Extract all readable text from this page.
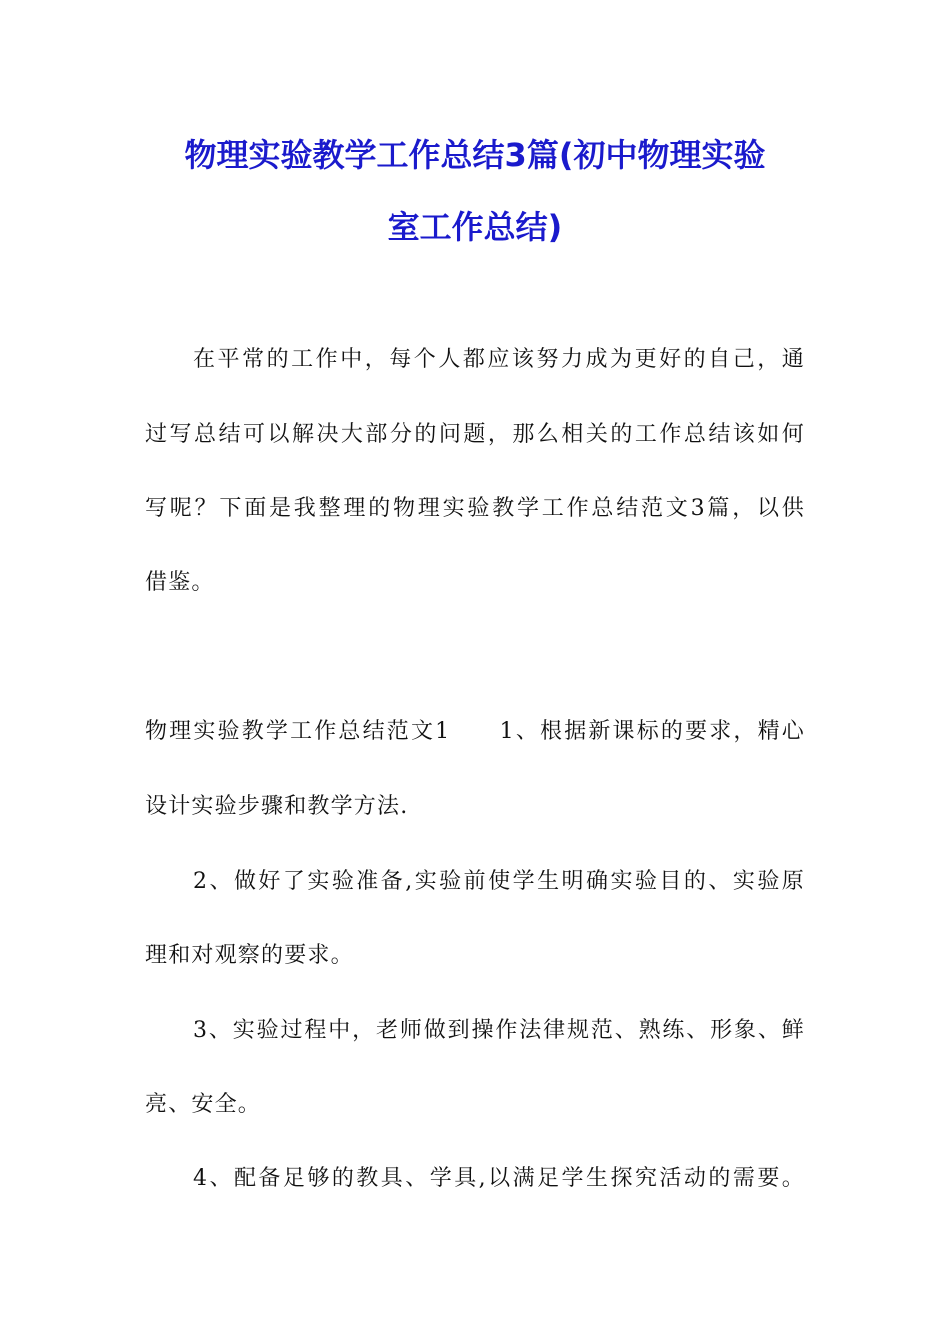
物理实验教学工作总结3篇(初中物理实验
室工作总结)
在平常的工作中，每个人都应该努力成为更好的自己，通
过写总结可以解决大部分的问题，那么相关的工作总结该如何
写呢？下面是我整理的物理实验教学工作总结范文3篇，以供
借鉴。
物理实验教学工作总结范文1　　1、根据新课标的要求，精心
设计实验步骤和教学方法.
2、做好了实验准备,实验前使学生明确实验目的、实验原
理和对观察的要求。
3、实验过程中，老师做到操作法律规范、熟练、形象、鲜
亮、安全。
4、配备足够的教具、学具,以满足学生探究活动的需要。
